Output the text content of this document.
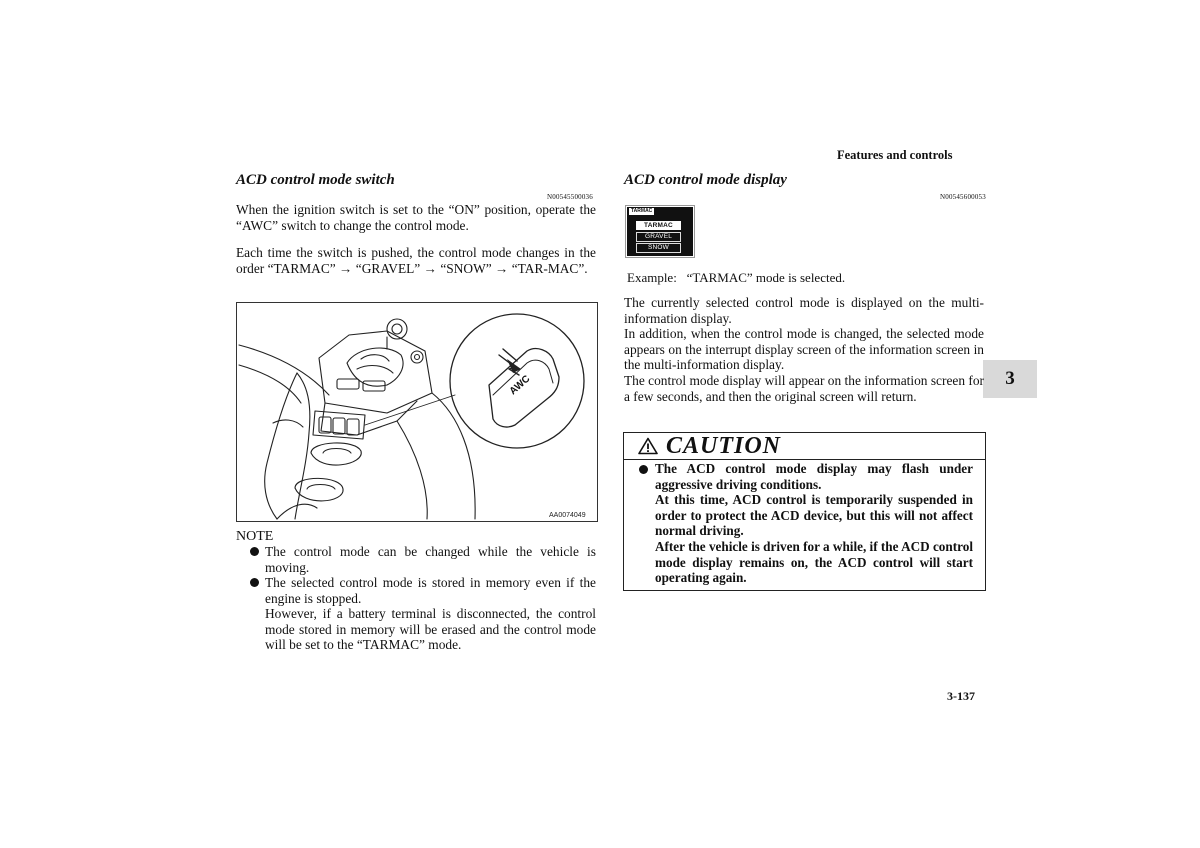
Features and controls
3
3-137
ACD control mode switch
N00545500036
When the ignition switch is set to the “ON” position, operate the “AWC” switch to change the control mode.
Each time the switch is pushed, the control mode changes in the order “TARMAC” → “GRAVEL” → “SNOW” → “TAR-MAC”.
AWC
AA0074049
NOTE
The control mode can be changed while the vehicle is moving.
The selected control mode is stored in memory even if the engine is stopped.
However, if a battery terminal is disconnected, the control mode stored in memory will be erased and the control mode will be set to the “TARMAC” mode.
ACD control mode display
N00545600053
TARMAC
TARMAC
GRAVEL
SNOW
Example:   “TARMAC” mode is selected.
The currently selected control mode is displayed on the multi-information display.
In addition, when the control mode is changed, the selected mode appears on the interrupt display screen of the information screen in the multi-information display.
The control mode display will appear on the information screen for a few seconds, and then the original screen will return.
CAUTION
The ACD control mode display may flash under aggressive driving conditions.
At this time, ACD control is temporarily suspended in order to protect the ACD device, but this will not affect normal driving.
After the vehicle is driven for a while, if the ACD control mode display remains on, the ACD control will start operating again.
